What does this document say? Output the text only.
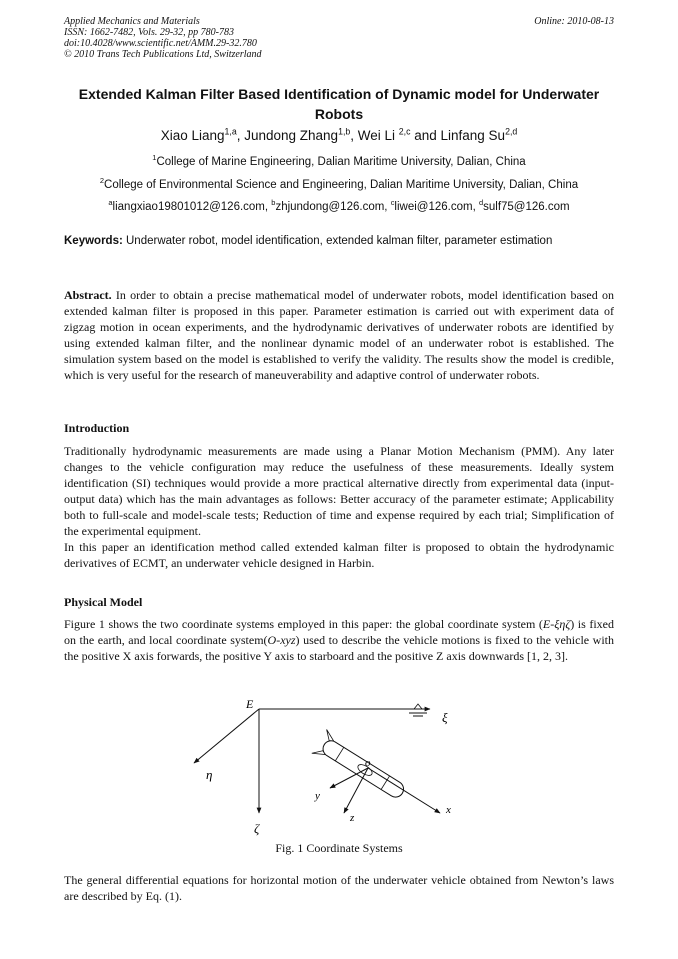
Applied Mechanics and Materials
ISSN: 1662-7482, Vols. 29-32, pp 780-783
doi:10.4028/www.scientific.net/AMM.29-32.780
© 2010 Trans Tech Publications Ltd, Switzerland
Online: 2010-08-13
Extended Kalman Filter Based Identification of Dynamic model for Underwater Robots
Xiao Liang$^{1,a}$, Jundong Zhang$^{1,b}$, Wei Li $^{2,c}$ and Linfang Su$^{2,d}$
$^1$College of Marine Engineering, Dalian Maritime University, Dalian, China
$^2$College of Environmental Science and Engineering, Dalian Maritime University, Dalian, China
$^a$liangxiao19801012@126.com, $^b$zhjundong@126.com, $^c$liwei@126.com, $^d$sulf75@126.com
Keywords: Underwater robot, model identification, extended kalman filter, parameter estimation

Abstract. In order to obtain a precise mathematical model of underwater robots, model identification based on extended kalman filter is proposed in this paper. Parameter estimation is carried out with experiment data of zigzag motion in ocean experiments, and the hydrodynamic derivatives of underwater robots are identified by using extended kalman filter, and the nonlinear dynamic model of an underwater robot is established. The simulation system based on the model is established to verify the validity. The results show the model is credible, which is very useful for the research of maneuverability and adaptive control of underwater robots.

Introduction

Traditionally hydrodynamic measurements are made using a Planar Motion Mechanism (PMM). Any later changes to the vehicle configuration may reduce the usefulness of these measurements. Ideally system identification (SI) techniques would provide a more practical alternative directly from experimental data (input-output data) which has the main advantages as follows: Better accuracy of the parameter estimate; Applicability both to full-scale and model-scale tests; Reduction of time and expense required by each trial; Simplification of the experimental equipment.

In this paper an identification method called extended kalman filter is proposed to obtain the hydrodynamic derivatives of ECMT, an underwater vehicle designed in Harbin.

Physical Model

Figure 1 shows the two coordinate systems employed in this paper: the global coordinate system (E-ξηζ) is fixed on the earth, and local coordinate system(O-xyz) used to describe the vehicle motions is fixed to the vehicle with the positive X axis forwards, the positive Y axis to starboard and the positive Z axis downwards [1, 2, 3].

E
ξ
η
ζ
o
x
y
z
Fig. 1 Coordinate Systems
The general differential equations for horizontal motion of the underwater vehicle obtained from Newton’s laws are described by Eq. (1).
